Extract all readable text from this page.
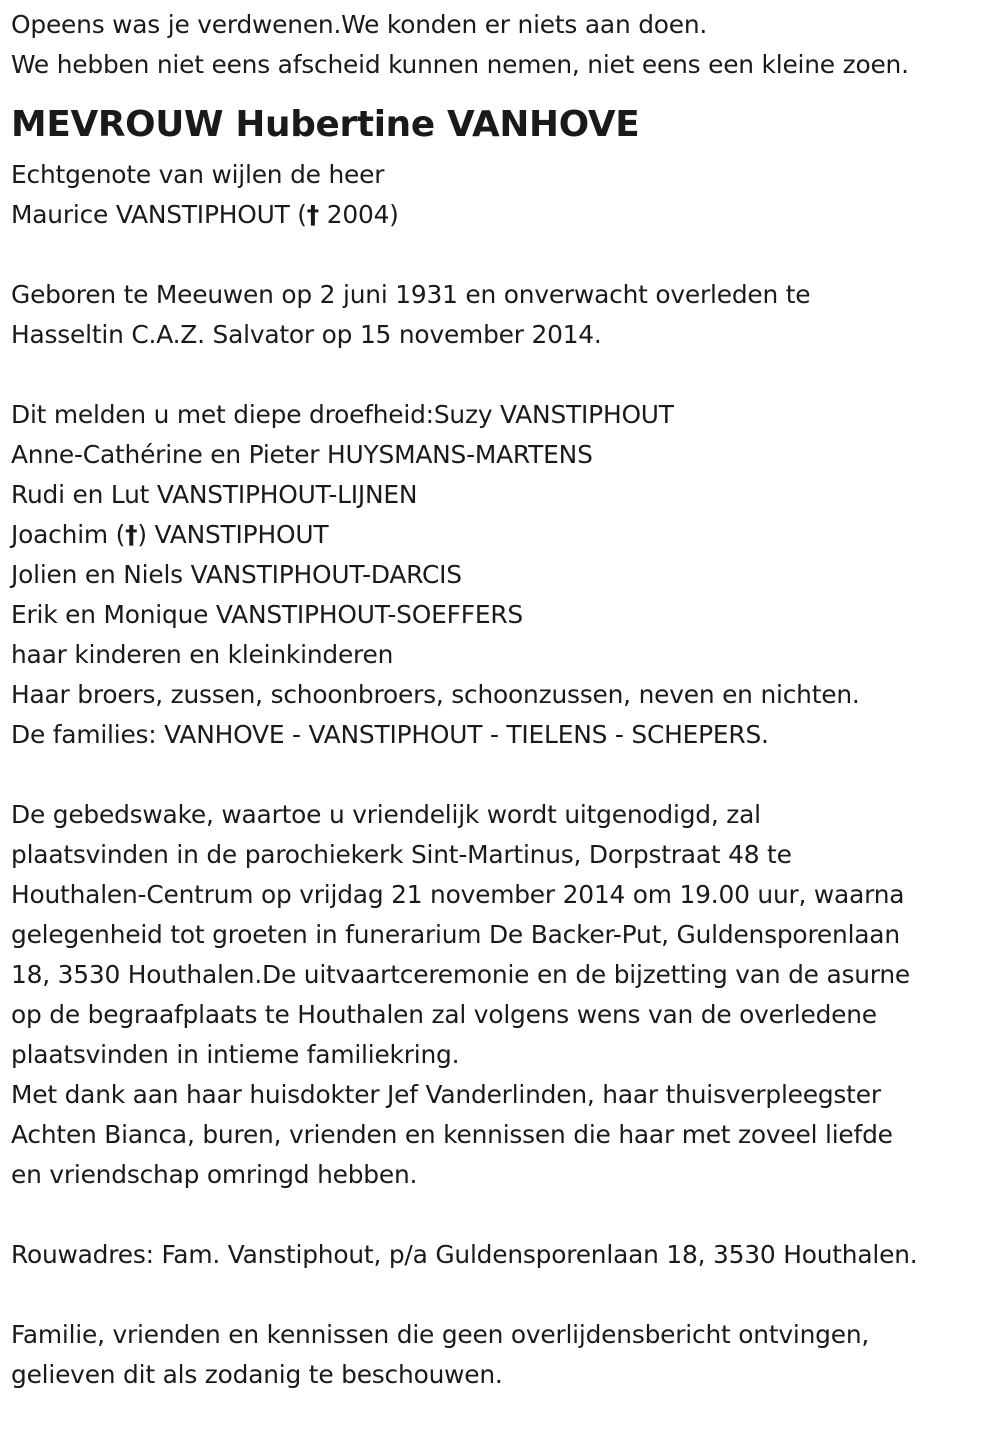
Opeens was je verdwenen.We konden er niets aan doen.
We hebben niet eens afscheid kunnen nemen, niet eens een kleine zoen.
MEVROUW Hubertine VANHOVE
Echtgenote van wijlen de heer
Maurice VANSTIPHOUT († 2004)
Geboren te Meeuwen op 2 juni 1931 en onverwacht overleden te
Hasseltin C.A.Z. Salvator op 15 november 2014.
Dit melden u met diepe droefheid:Suzy VANSTIPHOUT
Anne-Cathérine en Pieter HUYSMANS-MARTENS
Rudi en Lut VANSTIPHOUT-LIJNEN
Joachim (†) VANSTIPHOUT
Jolien en Niels VANSTIPHOUT-DARCIS
Erik en Monique VANSTIPHOUT-SOEFFERS
haar kinderen en kleinkinderen
Haar broers, zussen, schoonbroers, schoonzussen, neven en nichten.
De families: VANHOVE - VANSTIPHOUT - TIELENS - SCHEPERS.
De gebedswake, waartoe u vriendelijk wordt uitgenodigd, zal
plaatsvinden in de parochiekerk Sint-Martinus, Dorpstraat 48 te
Houthalen-Centrum op vrijdag 21 november 2014 om 19.00 uur, waarna
gelegenheid tot groeten in funerarium De Backer-Put, Guldensporenlaan
18, 3530 Houthalen.De uitvaartceremonie en de bijzetting van de asurne
op de begraafplaats te Houthalen zal volgens wens van de overledene
plaatsvinden in intieme familiekring.
Met dank aan haar huisdokter Jef Vanderlinden, haar thuisverpleegster
Achten Bianca, buren, vrienden en kennissen die haar met zoveel liefde
en vriendschap omringd hebben.
Rouwadres: Fam. Vanstiphout, p/a Guldensporenlaan 18, 3530 Houthalen.
Familie, vrienden en kennissen die geen overlijdensbericht ontvingen,
gelieven dit als zodanig te beschouwen.
